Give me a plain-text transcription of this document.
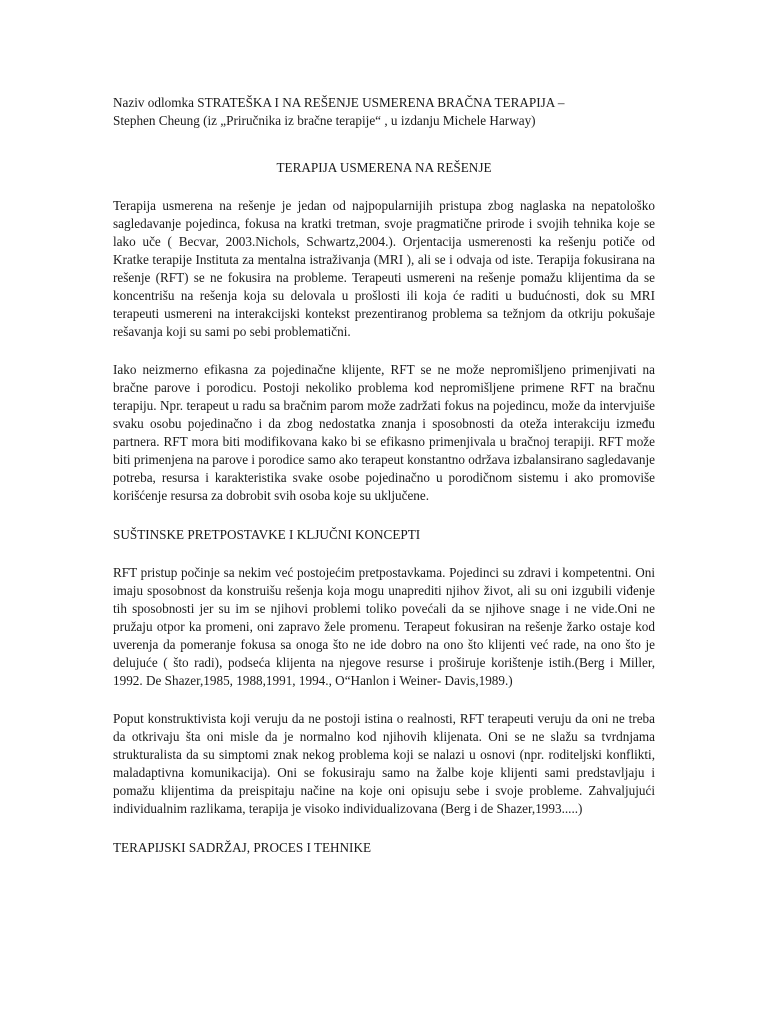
Naziv odlomka STRATEŠKA I NA REŠENJE USMERENA BRAČNA TERAPIJA –

Stephen Cheung (iz „Priručnika iz bračne terapije“ , u izdanju Michele Harway)

TERAPIJA USMERENA NA REŠENJE

Terapija usmerena na rešenje je jedan od najpopularnijih pristupa zbog naglaska na nepatološko sagledavanje pojedinca, fokusa na kratki tretman, svoje pragmatične prirode i svojih tehnika koje se lako uče ( Becvar, 2003.Nichols, Schwartz,2004.). Orjentacija usmerenosti ka rešenju potiče od Kratke terapije Instituta za mentalna istraživanja (MRI ), ali se i odvaja od iste. Terapija fokusirana na rešenje (RFT) se ne fokusira na probleme. Terapeuti usmereni na rešenje pomažu klijentima da se koncentrišu na rešenja koja su delovala u prošlosti ili koja će raditi u budućnosti, dok su MRI terapeuti usmereni na interakcijski kontekst prezentiranog problema sa težnjom da otkriju pokušaje rešavanja koji su sami po sebi problematični.

Iako neizmerno efikasna za pojedinačne klijente, RFT se ne može nepromišljeno primenjivati na bračne parove i porodicu. Postoji nekoliko problema kod nepromišljene primene RFT na bračnu terapiju. Npr. terapeut u radu sa bračnim parom može zadržati fokus na pojedincu, može da intervjuiše svaku osobu pojedinačno i da zbog nedostatka znanja i sposobnosti da otežа interakciju između partnera. RFT mora biti modifikovana kako bi se efikasno primenjivala u bračnoj terapiji. RFT može biti primenjena na parove i porodice samo ako terapeut konstantno održava izbalansirano sagledavanje potreba, resursa i karakteristika svake osobe pojedinačno u porodičnom sistemu i ako promoviše korišćenje resursa za dobrobit svih osoba koje su uključene.

SUŠTINSKE PRETPOSTAVKE I KLJUČNI KONCEPTI

RFT pristup počinje sa nekim već postojećim pretpostavkama. Pojedinci su zdravi i kompetentni. Oni imaju sposobnost da konstruišu rešenja koja mogu unaprediti njihov život, ali su oni izgubili viđenje tih sposobnosti jer su im se njihovi problemi toliko povećali da se njihove snage i ne vide.Oni ne pružaju otpor ka promeni, oni zapravo žele promenu. Terapeut fokusiran na rešenje žarko ostaje kod uverenja da pomeranje fokusa sa onoga što ne ide dobro na ono što klijenti već rade, na ono što je delujuće ( što radi), podseća klijenta na njegove resurse i proširuje korištenje istih.(Berg i Miller, 1992. De Shazer,1985, 1988,1991, 1994., O“Hanlon i Weiner- Davis,1989.)

Poput konstruktivista koji veruju da ne postoji istina o realnosti, RFT terapeuti veruju da oni ne treba da otkrivaju šta oni misle da je normalno kod njihovih klijenata. Oni se ne slažu sa tvrdnjama strukturalista da su simptomi znak nekog problema koji se nalazi u osnovi (npr. roditeljski konflikti, maladaptivna komunikacija). Oni se fokusiraju samo na žalbe koje klijenti sami predstavljaju i pomažu klijentima da preispitaju načine na koje oni opisuju sebe i svoje probleme. Zahvaljujući individualnim razlikama, terapija je visoko individualizovana (Berg i de Shazer,1993.....)

TERAPIJSKI SADRŽAJ, PROCES I TEHNIKE
